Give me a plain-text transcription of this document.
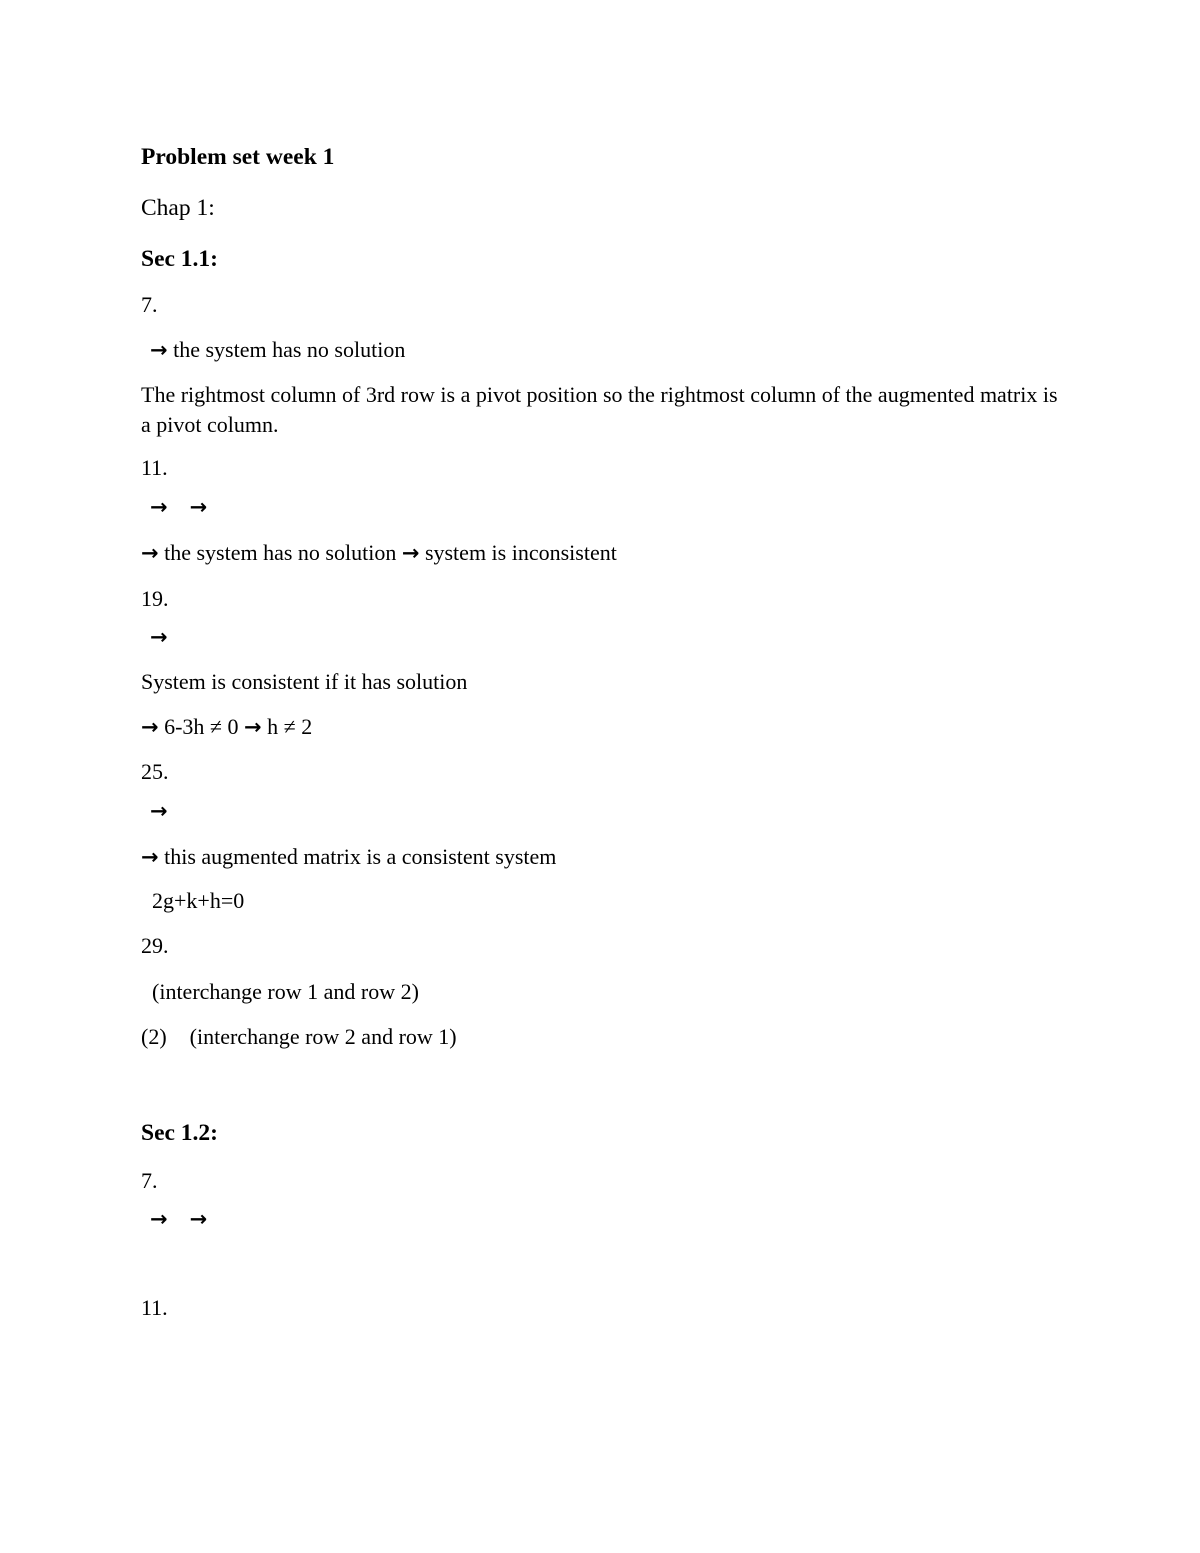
Problem set week 1
Chap 1:
Sec 1.1:
7.
→ the system has no solution
The rightmost column of 3rd row is a pivot position so the rightmost column of the augmented matrix is a pivot column.
11.
→ →
→ the system has no solution → system is inconsistent
19.
→
System is consistent if it has solution
→ 6-3h ≠ 0 → h ≠ 2
25.
→
→ this augmented matrix is a consistent system
2g+k+h=0
29.
(interchange row 1 and row 2)
(2) (interchange row 2 and row 1)
Sec 1.2:
7.
→ →
11.
